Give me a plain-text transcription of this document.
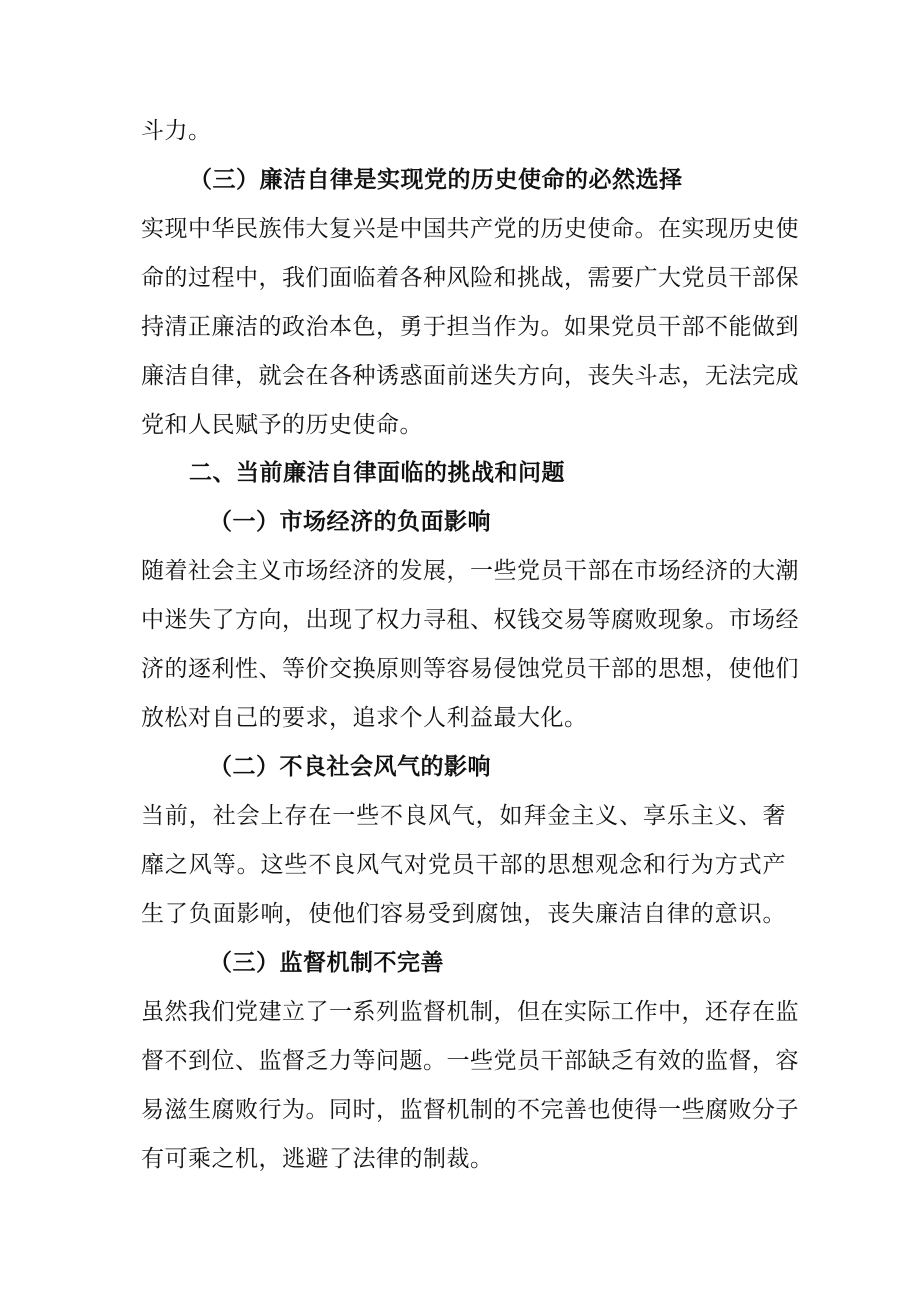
斗力。
（三）廉洁自律是实现党的历史使命的必然选择
实现中华民族伟大复兴是中国共产党的历史使命。在实现历史使
命的过程中，我们面临着各种风险和挑战，需要广大党员干部保
持清正廉洁的政治本色，勇于担当作为。如果党员干部不能做到
廉洁自律，就会在各种诱惑面前迷失方向，丧失斗志，无法完成
党和人民赋予的历史使命。
二、当前廉洁自律面临的挑战和问题
（一）市场经济的负面影响
随着社会主义市场经济的发展，一些党员干部在市场经济的大潮
中迷失了方向，出现了权力寻租、权钱交易等腐败现象。市场经
济的逐利性、等价交换原则等容易侵蚀党员干部的思想，使他们
放松对自己的要求，追求个人利益最大化。
（二）不良社会风气的影响
当前，社会上存在一些不良风气，如拜金主义、享乐主义、奢
靡之风等。这些不良风气对党员干部的思想观念和行为方式产
生了负面影响，使他们容易受到腐蚀，丧失廉洁自律的意识。
（三）监督机制不完善
虽然我们党建立了一系列监督机制，但在实际工作中，还存在监
督不到位、监督乏力等问题。一些党员干部缺乏有效的监督，容
易滋生腐败行为。同时，监督机制的不完善也使得一些腐败分子
有可乘之机，逃避了法律的制裁。
